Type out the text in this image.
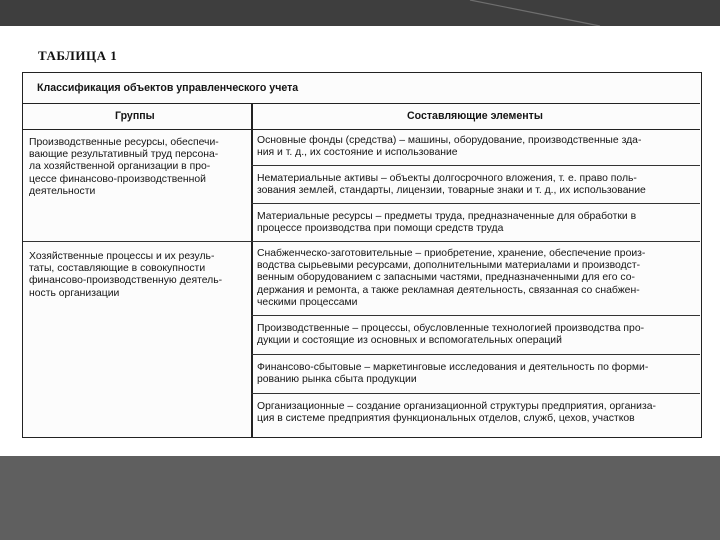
ТАБЛИЦА 1
Классификация объектов управленческого учета
Группы	Составляющие элементы
Производственные ресурсы, обеспечи-
вающие результативный труд персона-
ла хозяйственной организации в про-
цессе финансово-производственной
деятельности
Хозяйственные процессы и их резуль-
таты, составляющие в совокупности
финансово-производственную деятель-
ность организации
Основные фонды (средства) – машины, оборудование, производственные зда-
ния и т. д., их состояние и использование
Нематериальные активы – объекты долгосрочного вложения, т. е. право поль-
зования землей, стандарты, лицензии, товарные знаки и т. д., их использование
Материальные ресурсы – предметы труда, предназначенные для обработки в
процессе производства при помощи средств труда
Снабженческо-заготовительные – приобретение, хранение, обеспечение произ-
водства сырьевыми ресурсами, дополнительными материалами и производст-
венным оборудованием с запасными частями, предназначенными для его со-
держания и ремонта, а также рекламная деятельность, связанная со снабжен-
ческими процессами
Производственные – процессы, обусловленные технологией производства про-
дукции и состоящие из основных и вспомогательных операций
Финансово-сбытовые – маркетинговые исследования и деятельность по форми-
рованию рынка сбыта продукции
Организационные – создание организационной структуры предприятия, организа-
ция в системе предприятия функциональных отделов, служб, цехов, участков
